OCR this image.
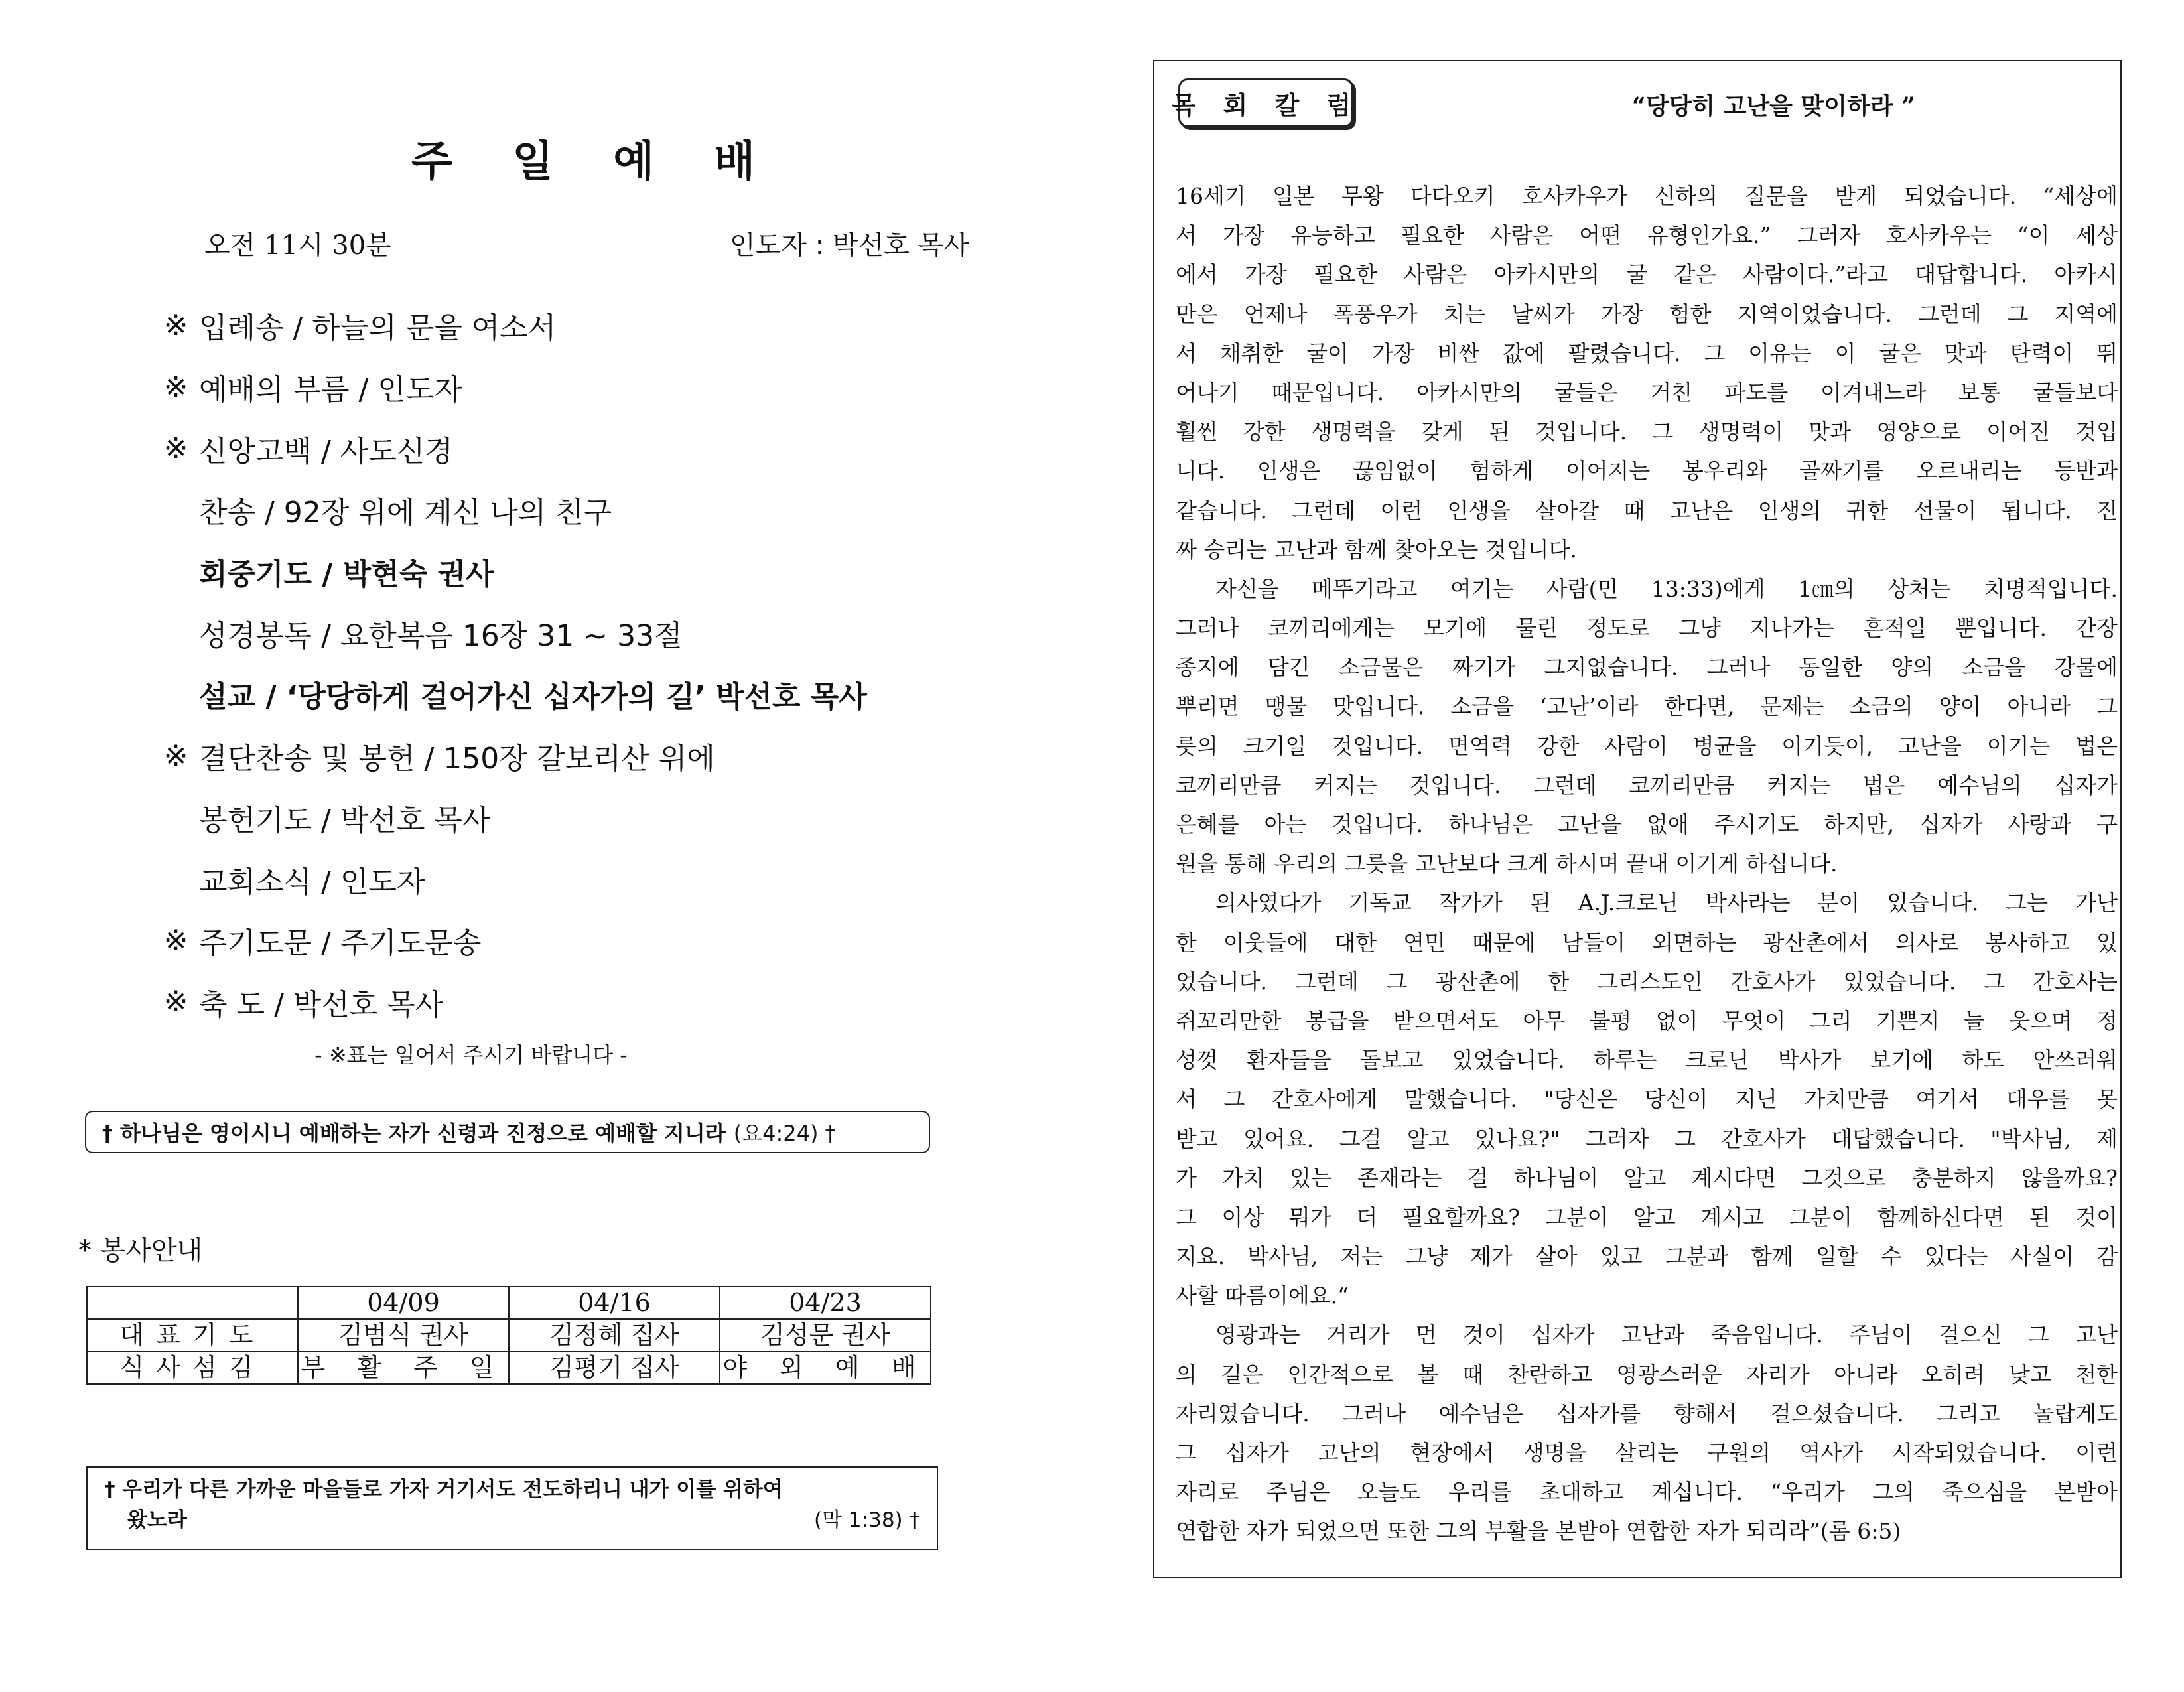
주 일 예 배
오전 11시 30분	인도자 : 박선호 목사
※ 입례송 / 하늘의 문을 여소서
※ 예배의 부름 / 인도자
※ 신앙고백 / 사도신경
찬송 / 92장 위에 계신 나의 친구
회중기도 / 박현숙 권사
성경봉독 / 요한복음 16장 31 ~ 33절
설교 / ‘당당하게 걸어가신 십자가의 길’ 박선호 목사
※ 결단찬송 및 봉헌 / 150장 갈보리산 위에
봉헌기도 / 박선호 목사
교회소식 / 인도자
※ 주기도문 / 주기도문송
※ 축 도 / 박선호 목사
- ※표는 일어서 주시기 바랍니다 -
† 하나님은 영이시니 예배하는 자가 신령과 진정으로 예배할 지니라 (요4:24) †
* 봉사안내
	04/09	04/16	04/23
대표기도	김범식 권사	김정혜 집사	김성문 권사
식사섬김	부 활 주 일	김평기 집사	야 외 예 배
† 우리가 다른 가까운 마을들로 가자 거기서도 전도하리니 내가 이를 위하여
왔노라	(막 1:38) †
목 회 칼 럼	“당당히 고난을 맞이하라 ”
16세기 일본 무왕 다다오키 호사카우가 신하의 질문을 받게 되었습니다. “세상에
서 가장 유능하고 필요한 사람은 어떤 유형인가요.” 그러자 호사카우는 “이 세상
에서 가장 필요한 사람은 아카시만의 굴 같은 사람이다.”라고 대답합니다. 아카시
만은 언제나 폭풍우가 치는 날씨가 가장 험한 지역이었습니다. 그런데 그 지역에
서 채취한 굴이 가장 비싼 값에 팔렸습니다. 그 이유는 이 굴은 맛과 탄력이 뛰
어나기 때문입니다. 아카시만의 굴들은 거친 파도를 이겨내느라 보통 굴들보다
훨씬 강한 생명력을 갖게 된 것입니다. 그 생명력이 맛과 영양으로 이어진 것입
니다. 인생은 끊임없이 험하게 이어지는 봉우리와 골짜기를 오르내리는 등반과
같습니다. 그런데 이런 인생을 살아갈 때 고난은 인생의 귀한 선물이 됩니다. 진
짜 승리는 고난과 함께 찾아오는 것입니다.
자신을 메뚜기라고 여기는 사람(민 13:33)에게 1㎝의 상처는 치명적입니다.
그러나 코끼리에게는 모기에 물린 정도로 그냥 지나가는 흔적일 뿐입니다. 간장
종지에 담긴 소금물은 짜기가 그지없습니다. 그러나 동일한 양의 소금을 강물에
뿌리면 맹물 맛입니다. 소금을 ‘고난’이라 한다면, 문제는 소금의 양이 아니라 그
릇의 크기일 것입니다. 면역력 강한 사람이 병균을 이기듯이, 고난을 이기는 법은
코끼리만큼 커지는 것입니다. 그런데 코끼리만큼 커지는 법은 예수님의 십자가
은혜를 아는 것입니다. 하나님은 고난을 없애 주시기도 하지만, 십자가 사랑과 구
원을 통해 우리의 그릇을 고난보다 크게 하시며 끝내 이기게 하십니다.
의사였다가 기독교 작가가 된 A.J.크로닌 박사라는 분이 있습니다. 그는 가난
한 이웃들에 대한 연민 때문에 남들이 외면하는 광산촌에서 의사로 봉사하고 있
었습니다. 그런데 그 광산촌에 한 그리스도인 간호사가 있었습니다. 그 간호사는
쥐꼬리만한 봉급을 받으면서도 아무 불평 없이 무엇이 그리 기쁜지 늘 웃으며 정
성껏 환자들을 돌보고 있었습니다. 하루는 크로닌 박사가 보기에 하도 안쓰러워
서 그 간호사에게 말했습니다. "당신은 당신이 지닌 가치만큼 여기서 대우를 못
받고 있어요. 그걸 알고 있나요?" 그러자 그 간호사가 대답했습니다. "박사님, 제
가 가치 있는 존재라는 걸 하나님이 알고 계시다면 그것으로 충분하지 않을까요?
그 이상 뭐가 더 필요할까요? 그분이 알고 계시고 그분이 함께하신다면 된 것이
지요. 박사님, 저는 그냥 제가 살아 있고 그분과 함께 일할 수 있다는 사실이 감
사할 따름이에요.“
영광과는 거리가 먼 것이 십자가 고난과 죽음입니다. 주님이 걸으신 그 고난
의 길은 인간적으로 볼 때 찬란하고 영광스러운 자리가 아니라 오히려 낮고 천한
자리였습니다. 그러나 예수님은 십자가를 향해서 걸으셨습니다. 그리고 놀랍게도
그 십자가 고난의 현장에서 생명을 살리는 구원의 역사가 시작되었습니다. 이런
자리로 주님은 오늘도 우리를 초대하고 계십니다. “우리가 그의 죽으심을 본받아
연합한 자가 되었으면 또한 그의 부활을 본받아 연합한 자가 되리라”(롬 6:5)
